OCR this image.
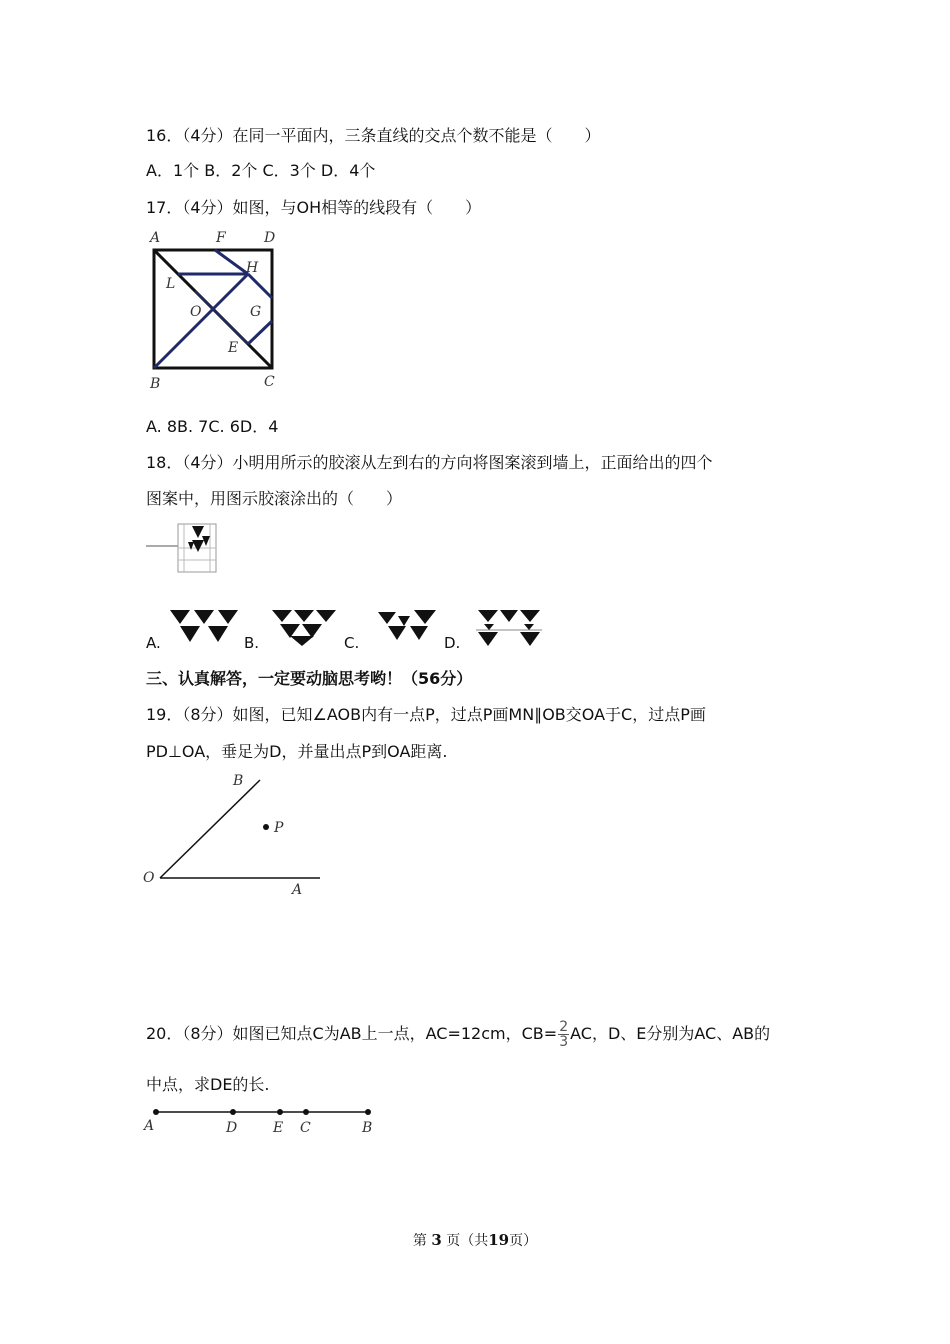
16．（4分）在同一平面内，三条直线的交点个数不能是（　　）
A．1个 B．2个 C．3个 D．4个
17．（4分）如图，与OH相等的线段有（　　）
A	F	D
L
H
O	G
E
B	C
A. 8B. 7C. 6D．4
18．（4分）小明用所示的胶滚从左到右的方向将图案滚到墙上，正面给出的四个
图案中，用图示胶滚涂出的（　　）
A.	B.	C.	D.
三、认真解答，一定要动脑思考哟！（56分）
19．（8分）如图，已知∠AOB内有一点P，过点P画MN∥OB交OA于C，过点P画
PD⊥OA，垂足为D，并量出点P到OA距离.
B
P
O
A
20．（8分）如图已知点C为AB上一点，AC=12cm，$CB= \frac{2}{3}$ AC，D、E分别为AC、AB的
中点，求DE的长.
A	D	E C	B
第 3 页（共19页）
